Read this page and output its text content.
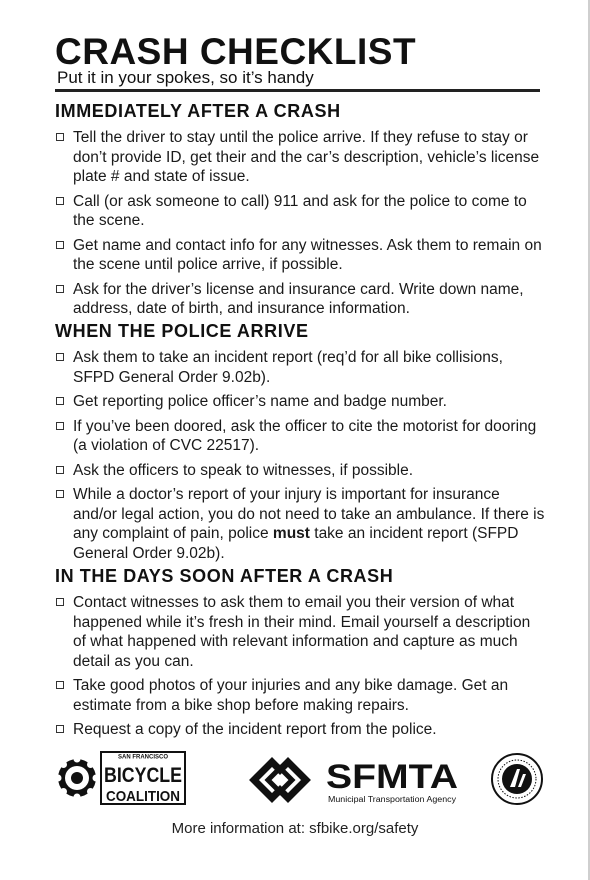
CRASH CHECKLIST
Put it in your spokes, so it’s handy
IMMEDIATELY AFTER A CRASH
Tell the driver to stay until the police arrive. If they refuse to stay or don’t provide ID, get their and the car’s description, vehicle’s license plate # and state of issue.
Call (or ask someone to call) 911 and ask for the police to come to the scene.
Get name and contact info for any witnesses. Ask them to remain on the scene until police arrive, if possible.
Ask for the driver’s license and insurance card. Write down name, address, date of birth, and insurance information.
WHEN THE POLICE ARRIVE
Ask them to take an incident report (req’d for all bike collisions, SFPD General Order 9.02b).
Get reporting police officer’s name and badge number.
If you’ve been doored, ask the officer to cite the motorist for dooring (a violation of CVC 22517).
Ask the officers to speak to witnesses, if possible.
While a doctor’s report of your injury is important for insurance and/or legal action, you do not need to take an ambulance. If there is any complaint of pain, police must take an incident report (SFPD General Order 9.02b).
IN THE DAYS SOON AFTER A CRASH
Contact witnesses to ask them to email you their version of what happened while it’s fresh in their mind. Email yourself a description of what happened with relevant information and capture as much detail as you can.
Take good photos of your injuries and any bike damage. Get an estimate from a bike shop before making repairs.
Request a copy of the incident report from the police.
SAN FRANCISCO
BICYCLE
COALITION
SFMTA
Municipal Transportation Agency
More information at: sfbike.org/safety
